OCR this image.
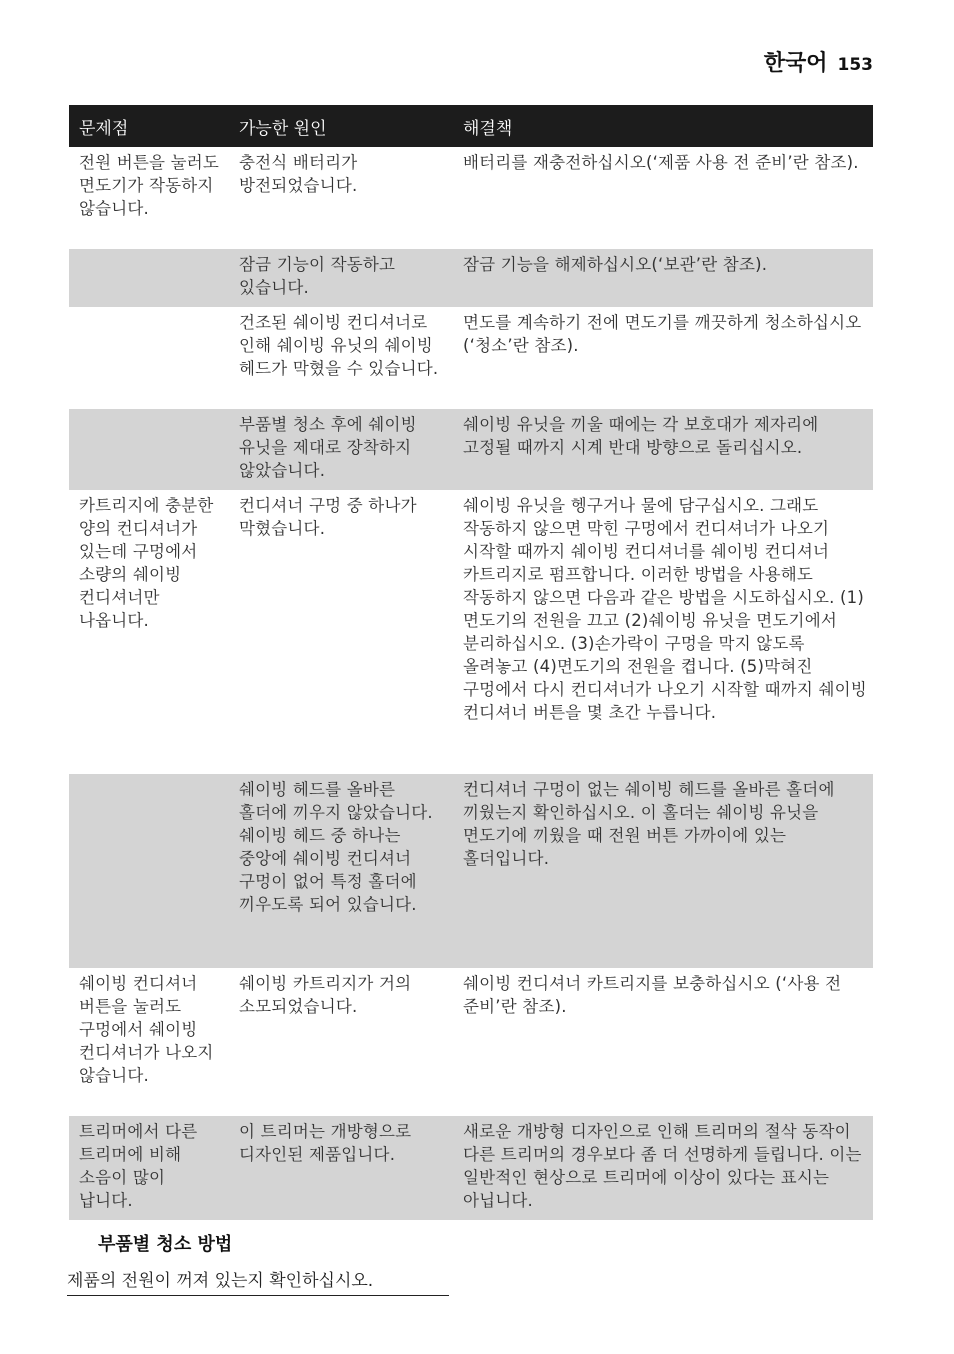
한국어 153
문제점	가능한 원인	해결책
전원 버튼을 눌러도 면도기가 작동하지 않습니다.	충전식 배터리가 방전되었습니다.	배터리를 재충전하십시오(‘제품 사용 전 준비’란 참조).
	잠금 기능이 작동하고 있습니다.	잠금 기능을 해제하십시오(‘보관’란 참조).
	건조된 쉐이빙 컨디셔너로 인해 쉐이빙 유닛의 쉐이빙 헤드가 막혔을 수 있습니다.	면도를 계속하기 전에 면도기를 깨끗하게 청소하십시오 (‘청소’란 참조).
	부품별 청소 후에 쉐이빙 유닛을 제대로 장착하지 않았습니다.	쉐이빙 유닛을 끼울 때에는 각 보호대가 제자리에 고정될 때까지 시계 반대 방향으로 돌리십시오.
카트리지에 충분한 양의 컨디셔너가 있는데 구멍에서 소량의 쉐이빙 컨디셔너만 나옵니다.	컨디셔너 구멍 중 하나가 막혔습니다.	쉐이빙 유닛을 헹구거나 물에 담구십시오. 그래도 작동하지 않으면 막힌 구멍에서 컨디셔너가 나오기 시작할 때까지 쉐이빙 컨디셔너를 쉐이빙 컨디셔너 카트리지로 펌프합니다. 이러한 방법을 사용해도 작동하지 않으면 다음과 같은 방법을 시도하십시오. (1)면도기의 전원을 끄고 (2)쉐이빙 유닛을 면도기에서 분리하십시오. (3)손가락이 구멍을 막지 않도록 올려놓고 (4)면도기의 전원을 켭니다. (5)막혀진 구멍에서 다시 컨디셔너가 나오기 시작할 때까지 쉐이빙 컨디셔너 버튼을 몇 초간 누릅니다.
	쉐이빙 헤드를 올바른 홀더에 끼우지 않았습니다. 쉐이빙 헤드 중 하나는 중앙에 쉐이빙 컨디셔너 구멍이 없어 특정 홀더에 끼우도록 되어 있습니다.	컨디셔너 구멍이 없는 쉐이빙 헤드를 올바른 홀더에 끼웠는지 확인하십시오. 이 홀더는 쉐이빙 유닛을 면도기에 끼웠을 때 전원 버튼 가까이에 있는 홀더입니다.
쉐이빙 컨디셔너 버튼을 눌러도 구멍에서 쉐이빙 컨디셔너가 나오지 않습니다.	쉐이빙 카트리지가 거의 소모되었습니다.	쉐이빙 컨디셔너 카트리지를 보충하십시오 (‘사용 전 준비’란 참조).
트리머에서 다른 트리머에 비해 소음이 많이 납니다.	이 트리머는 개방형으로 디자인된 제품입니다.	새로운 개방형 디자인으로 인해 트리머의 절삭 동작이 다른 트리머의 경우보다 좀 더 선명하게 들립니다. 이는 일반적인 현상으로 트리머에 이상이 있다는 표시는 아닙니다.
부품별 청소 방법
제품의 전원이 꺼져 있는지 확인하십시오.
